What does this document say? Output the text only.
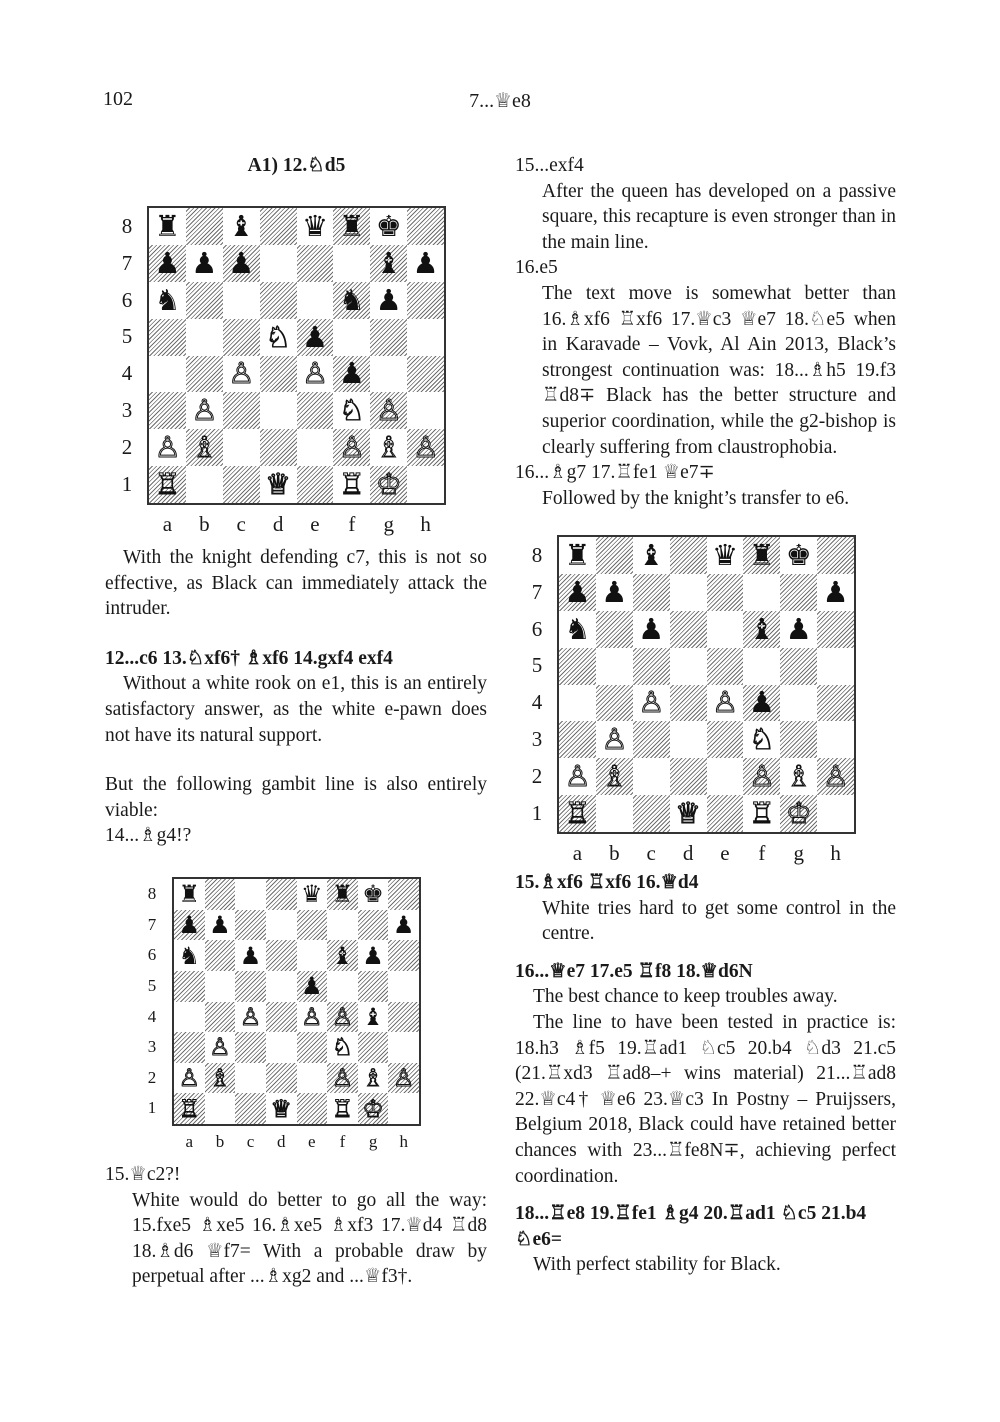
102	7...♕e8
A1) 12.♘d5
♜ ♝ ♛ ♜ ♚
♟ ♟ ♟	♝ ♟
♞	♞ ♟
♘ ♟
♙ ♙ ♟
♙	♘ ♙
♙ ♗	♙ ♗ ♙
♖	♕ ♖ ♔

With the knight defending c7, this is not so effective, as Black can immediately attack the intruder.

12...c6 13.♘xf6† ♗xf6 14.gxf4 exf4

Without a white rook on e1, this is an entirely satisfactory answer, as the white e-pawn does not have its natural support.

But the following gambit line is also entirely viable:

14...♗g4!?

♜	♛ ♜ ♚
♟ ♟	♟
♞ ♟	♝ ♟
♟
♙ ♙ ♙ ♝
♙	♘
♙ ♗	♙ ♗ ♙
♖	♕ ♖ ♔

15.♕c2?!

White would do better to go all the way: 15.fxe5 ♗xe5 16.♗xe5 ♗xf3 17.♕d4 ♖d8 18.♗d6 ♕f7= With a probable draw by perpetual after ...♗xg2 and ...♕f3†.

15...exf4

After the queen has developed on a passive square, this recapture is even stronger than in the main line.

16.e5

The text move is somewhat better than 16.♗xf6 ♖xf6 17.♕c3 ♕e7 18.♘e5 when in Karavade – Vovk, Al Ain 2013, Black’s strongest continuation was: 18...♗h5 19.f3 ♖d8∓ Black has the better structure and superior coordination, while the g2-bishop is clearly suffering from claustrophobia.

16...♗g7 17.♖fe1 ♕e7∓

Followed by the knight’s transfer to e6.

♜ ♝ ♛ ♜ ♚
♟ ♟	♟
♞ ♟	♝ ♟
♙ ♙ ♟
♙	♘
♙ ♗	♙ ♗ ♙
♖	♕ ♖ ♔

15.♗xf6 ♖xf6 16.♕d4

White tries hard to get some control in the centre.

16...♕e7 17.e5 ♖f8 18.♕d6N

The best chance to keep troubles away.

The line to have been tested in practice is: 18.h3 ♗f5 19.♖ad1 ♘c5 20.b4 ♘d3 21.c5 (21.♖xd3 ♖ad8–+ wins material) 21...♖ad8 22.♕c4† ♕e6 23.♕c3 In Postny – Pruijssers, Belgium 2018, Black could have retained better chances with 23...♖fe8N∓, achieving perfect coordination.

18...♖e8 19.♖fe1 ♗g4 20.♖ad1 ♘c5 21.b4 ♘e6=

With perfect stability for Black.

8
7
6
5
4
3
2
1
a	b	c	d	e	f	g	h
8
7
6
5
4
3
2
1
a	b	c	d	e	f	g	h
8
7
6
5
4
3
2
1
a	b	c	d	e	f	g	h
